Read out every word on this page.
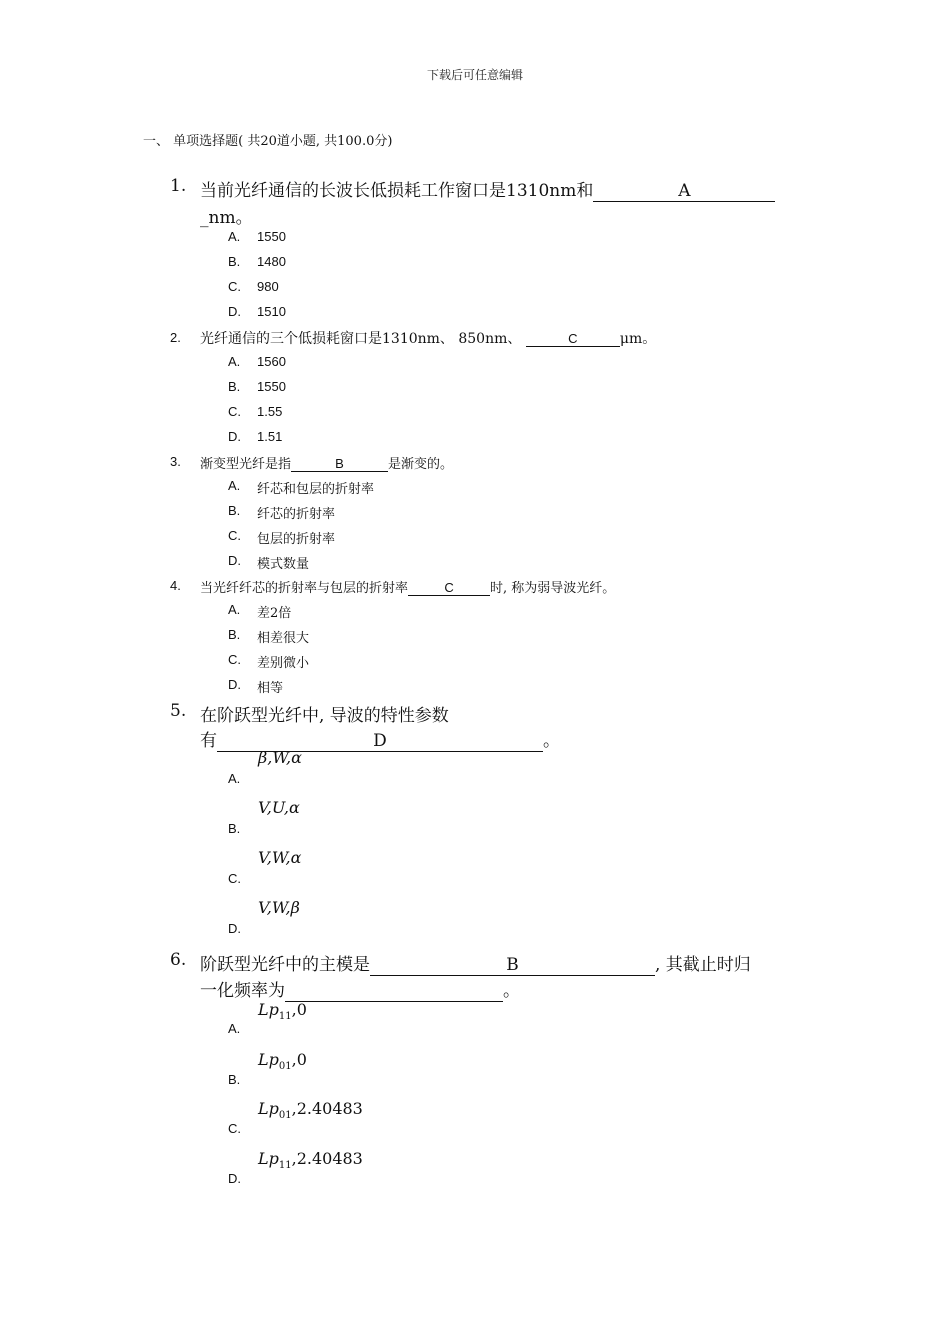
下载后可任意编辑
一、 单项选择题( 共20道小题, 共100.0分)
1. 当前光纤通信的长波长低损耗工作窗口是1310nm和	A
_nm。
A. 1550
B. 1480
C. 980
D. 1510
2. 光纤通信的三个低损耗窗口是1310nm、 850nm、	C	μm。
A. 1560
B. 1550
C. 1.55
D. 1.51
3. 渐变型光纤是指	B	是渐变的。
A. 纤芯和包层的折射率
B. 纤芯的折射率
C. 包层的折射率
D. 模式数量
4. 当光纤纤芯的折射率与包层的折射率	C	时, 称为弱导波光纤。
A. 差2倍
B. 相差很大
C. 差别微小
D. 相等
5. 在阶跃型光纤中, 导波的特性参数
有	D	。
β,W,α
A.
V,U,α
B.
V,W,α
C.
V,W,β
D.
6. 阶跃型光纤中的主模是	B	, 其截止时归
一化频率为	。
$Lp_{11},0$
A.
$Lp_{01},0$
B.
$Lp_{01},2.40483$
C.
$Lp_{11},2.40483$
D.
